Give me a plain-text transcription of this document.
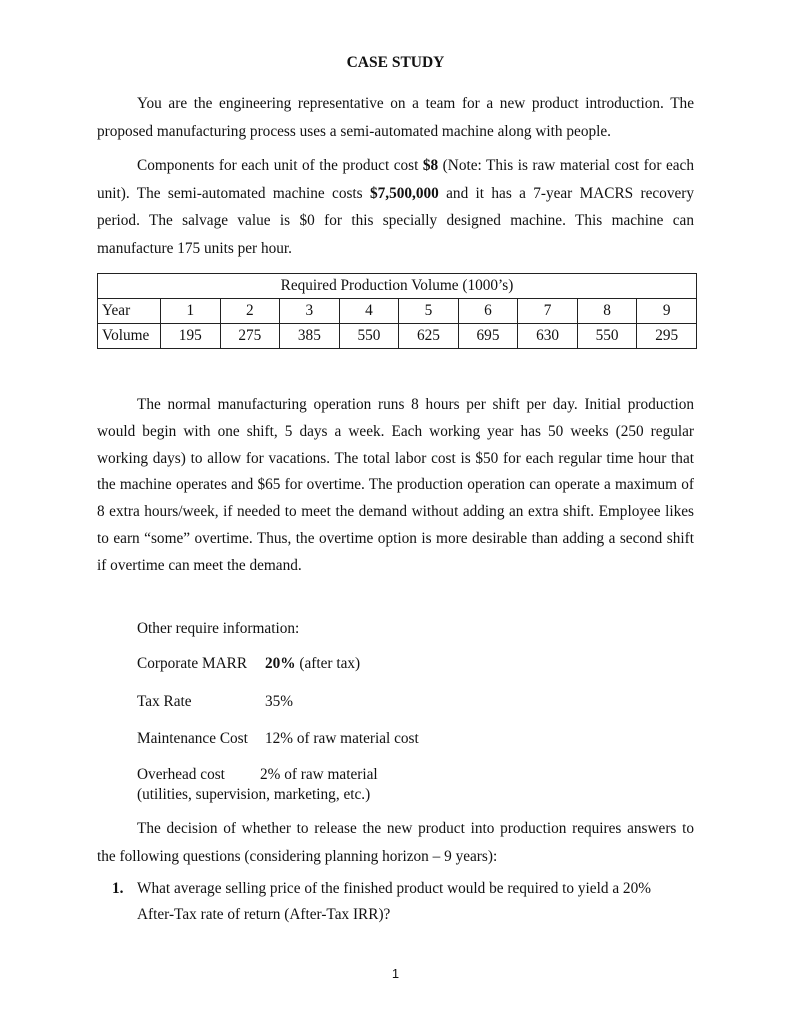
CASE STUDY
You are the engineering representative on a team for a new product introduction. The
proposed manufacturing process uses a semi-automated machine along with people.
Components for each unit of the product cost $8 (Note: This is raw material cost for each
unit). The semi-automated machine costs $7,500,000 and it has a 7-year MACRS recovery
period. The salvage value is $0 for this specially designed machine. This machine can
manufacture 175 units per hour.
The normal manufacturing operation runs 8 hours per shift per day. Initial production
would begin with one shift, 5 days a week. Each working year has 50 weeks (250 regular
working days) to allow for vacations. The total labor cost is $50 for each regular time hour that
the machine operates and $65 for overtime. The production operation can operate a maximum of
8 extra hours/week, if needed to meet the demand without adding an extra shift. Employee likes
to earn “some” overtime. Thus, the overtime option is more desirable than adding a second shift
if overtime can meet the demand.
Other require information:
The decision of whether to release the new product into production requires answers to
the following questions (considering planning horizon – 9 years):
Required Production Volume (1000’s)									
Year	1	2	3	4	5	6	7	8	9
Volume	195	275	385	550	625	695	630	550	295
Corporate MARR 20% (after tax)
Tax Rate	35%
Maintenance Cost 12% of raw material cost
Overhead cost 2% of raw material
(utilities, supervision, marketing, etc.)
1. What average selling price of the finished product would be required to yield a 20%
After-Tax rate of return (After-Tax IRR)?
1
